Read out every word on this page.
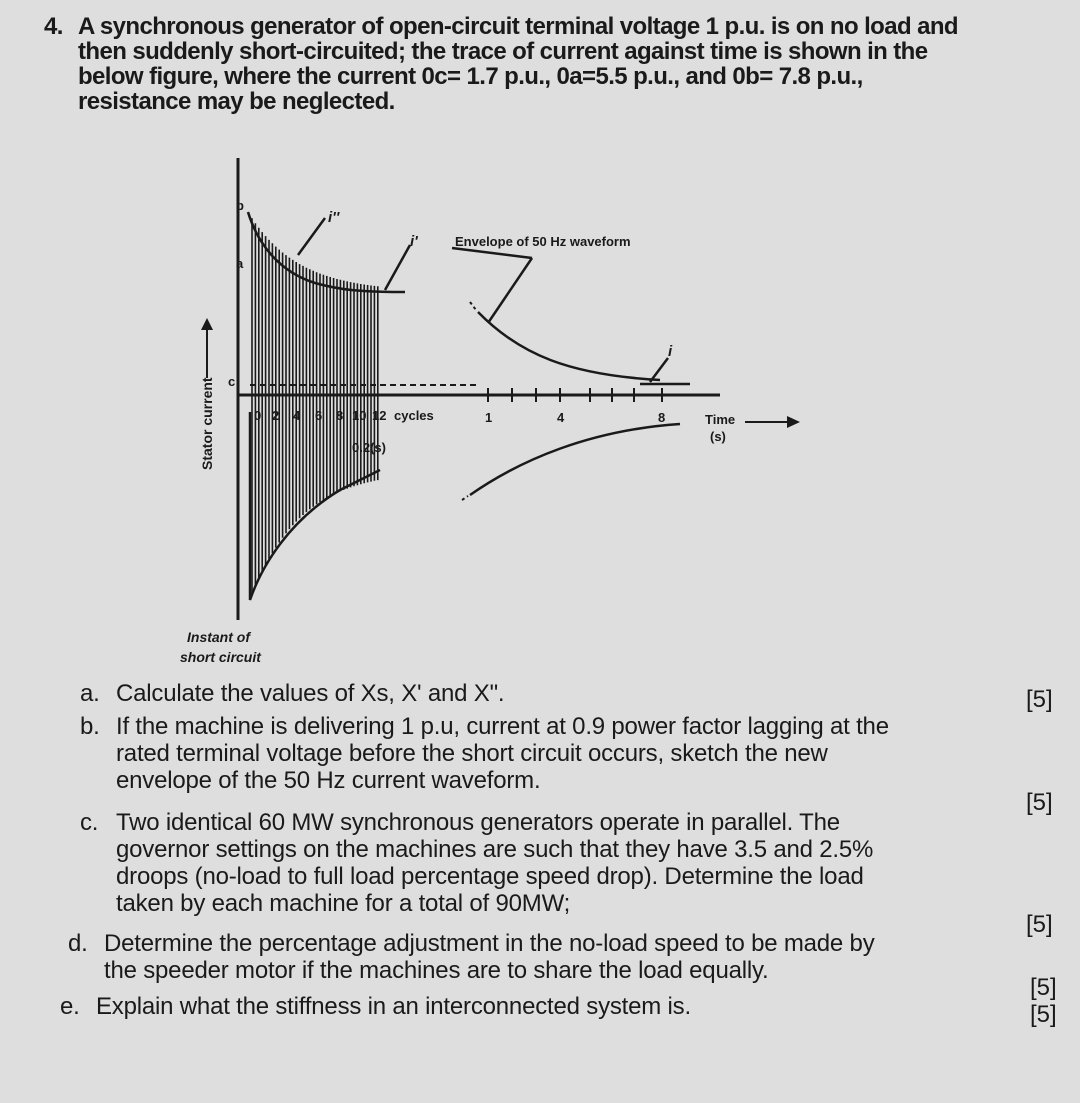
4. A synchronous generator of open-circuit terminal voltage 1 p.u. is on no load and
then suddenly short-circuited; the trace of current against time is shown in the
below figure, where the current 0c= 1.7 p.u., 0a=5.5 p.u., and 0b= 7.8 p.u.,
resistance may be neglected.
Stator current
b
a
c
i''
i'
i
Envelope of 50 Hz waveform
0 2 4 6 8 10 12 cycles
0.2(s)
1	4	8	Time
(s)
Instant of
short circuit
a. Calculate the values of Xs, X' and X".	[5]
b. If the machine is delivering 1 p.u, current at 0.9 power factor lagging at the
rated terminal voltage before the short circuit occurs, sketch the new
envelope of the 50 Hz current waveform.
[5]
c. Two identical 60 MW synchronous generators operate in parallel. The
governor settings on the machines are such that they have 3.5 and 2.5%
droops (no-load to full load percentage speed drop). Determine the load
taken by each machine for a total of 90MW;
[5]
d. Determine the percentage adjustment in the no-load speed to be made by
the speeder motor if the machines are to share the load equally.
[5]
e. Explain what the stiffness in an interconnected system is.	[5]
